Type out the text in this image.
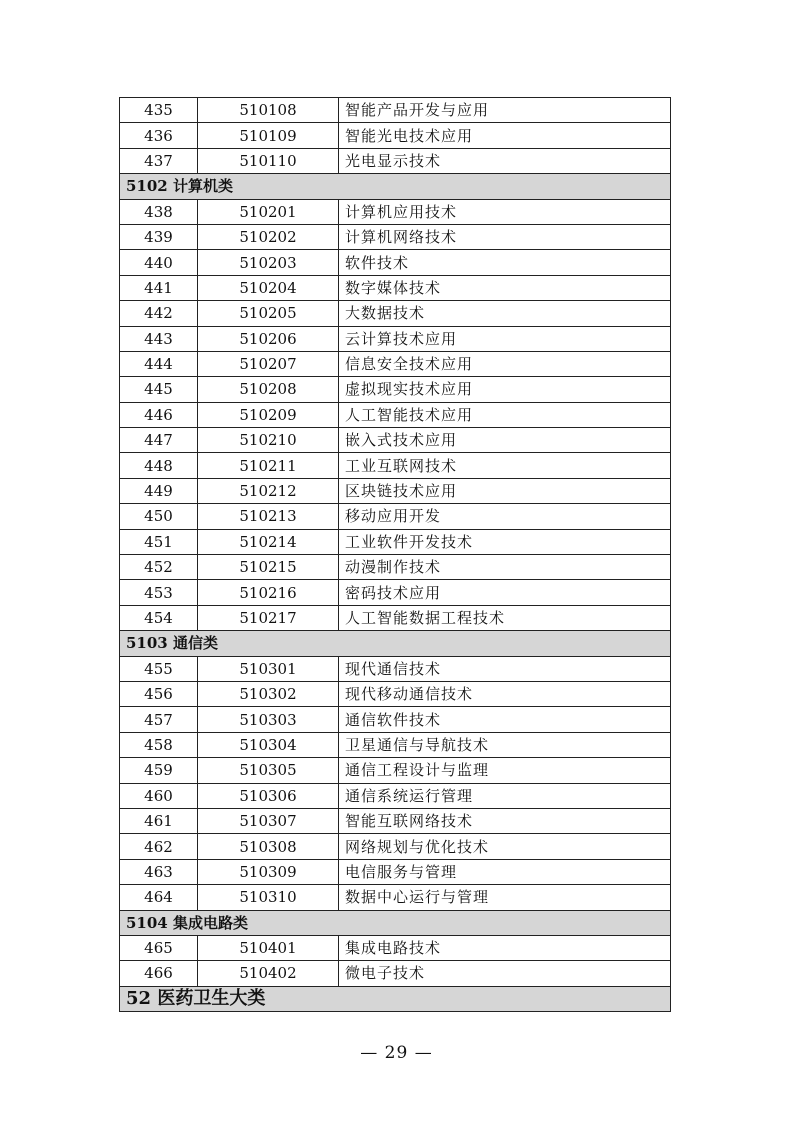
435	510108	智能产品开发与应用
436	510109	智能光电技术应用
437	510110	光电显示技术
5102 计算机类		
438	510201	计算机应用技术
439	510202	计算机网络技术
440	510203	软件技术
441	510204	数字媒体技术
442	510205	大数据技术
443	510206	云计算技术应用
444	510207	信息安全技术应用
445	510208	虚拟现实技术应用
446	510209	人工智能技术应用
447	510210	嵌入式技术应用
448	510211	工业互联网技术
449	510212	区块链技术应用
450	510213	移动应用开发
451	510214	工业软件开发技术
452	510215	动漫制作技术
453	510216	密码技术应用
454	510217	人工智能数据工程技术
5103 通信类		
455	510301	现代通信技术
456	510302	现代移动通信技术
457	510303	通信软件技术
458	510304	卫星通信与导航技术
459	510305	通信工程设计与监理
460	510306	通信系统运行管理
461	510307	智能互联网络技术
462	510308	网络规划与优化技术
463	510309	电信服务与管理
464	510310	数据中心运行与管理
5104 集成电路类		
465	510401	集成电路技术
466	510402	微电子技术
52 医药卫生大类		
— 29 —
